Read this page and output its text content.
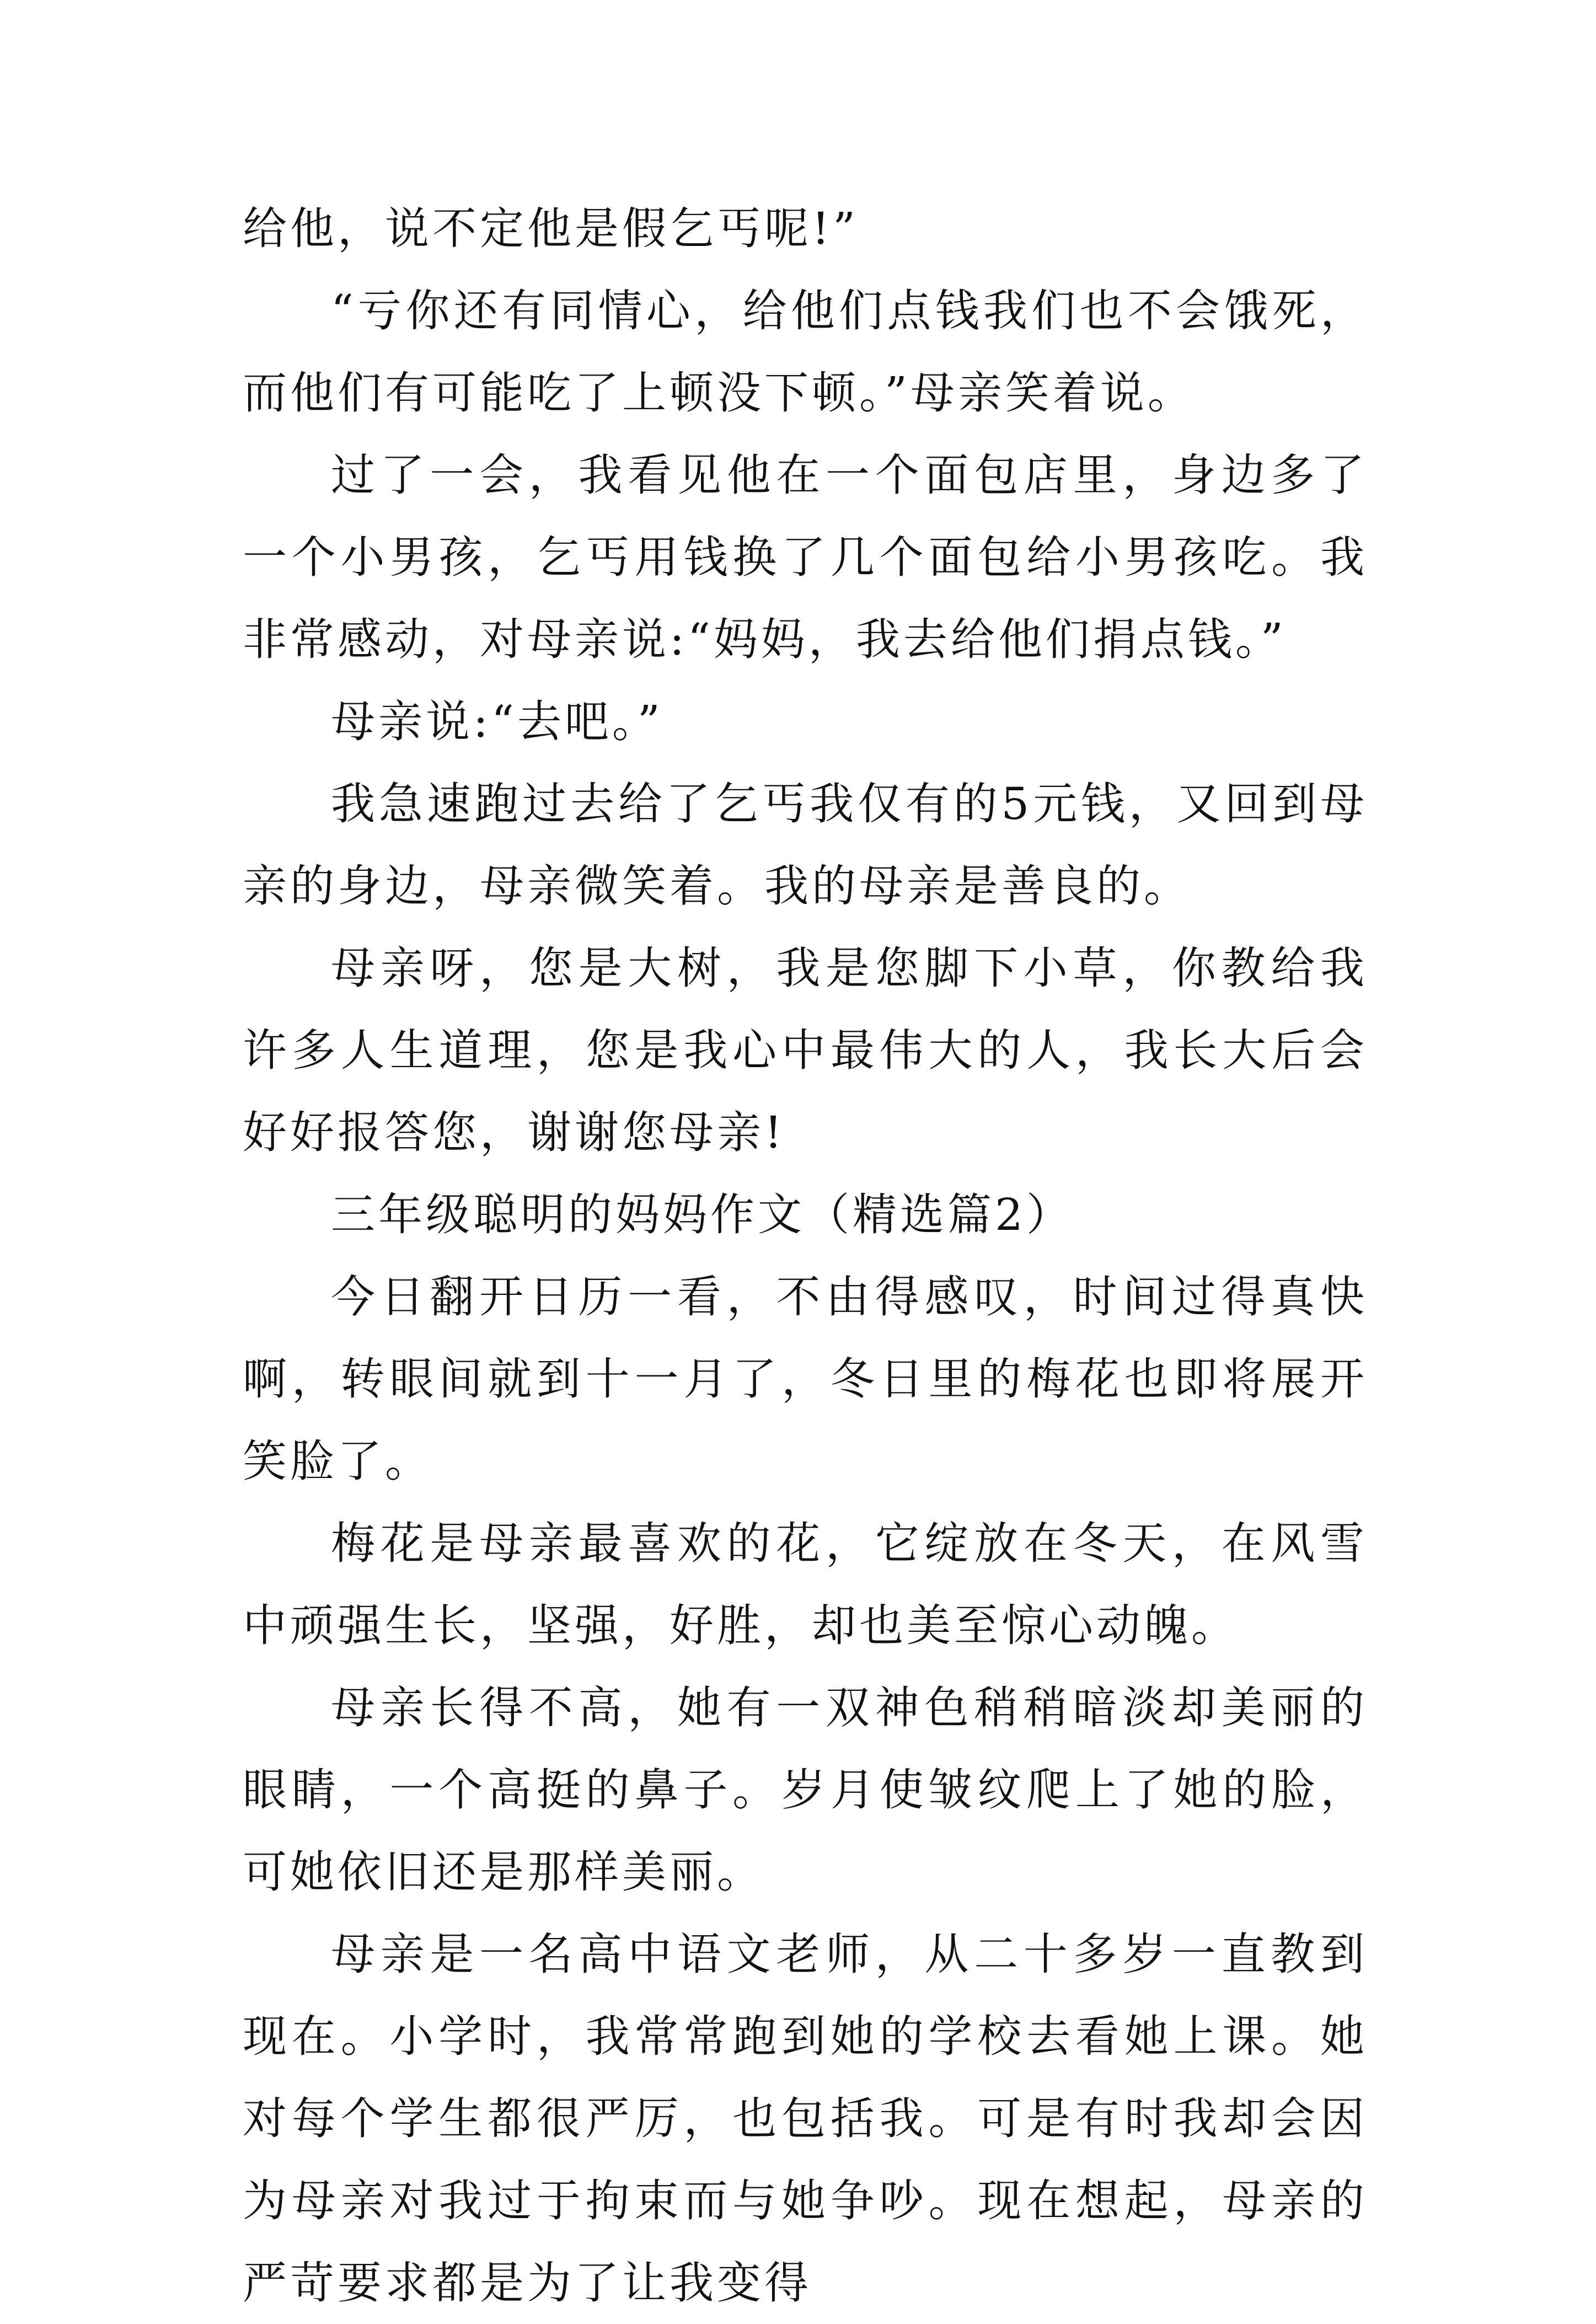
给他，说不定他是假乞丐呢!”

“亏你还有同情心，给他们点钱我们也不会饿死，而他们有可能吃了上顿没下顿。”母亲笑着说。

过了一会，我看见他在一个面包店里，身边多了一个小男孩，乞丐用钱换了几个面包给小男孩吃。我非常感动，对母亲说:“妈妈，我去给他们捐点钱。”

母亲说:“去吧。”

我急速跑过去给了乞丐我仅有的5元钱，又回到母亲的身边，母亲微笑着。我的母亲是善良的。

母亲呀，您是大树，我是您脚下小草，你教给我许多人生道理，您是我心中最伟大的人，我长大后会好好报答您，谢谢您母亲!

三年级聪明的妈妈作文（精选篇2）

今日翻开日历一看，不由得感叹，时间过得真快啊，转眼间就到十一月了，冬日里的梅花也即将展开笑脸了。

梅花是母亲最喜欢的花，它绽放在冬天，在风雪中顽强生长，坚强，好胜，却也美至惊心动魄。

母亲长得不高，她有一双神色稍稍暗淡却美丽的眼睛，一个高挺的鼻子。岁月使皱纹爬上了她的脸，可她依旧还是那样美丽。

母亲是一名高中语文老师，从二十多岁一直教到现在。小学时，我常常跑到她的学校去看她上课。她对每个学生都很严厉，也包括我。可是有时我却会因为母亲对我过于拘束而与她争吵。现在想起，母亲的严苛要求都是为了让我变得
